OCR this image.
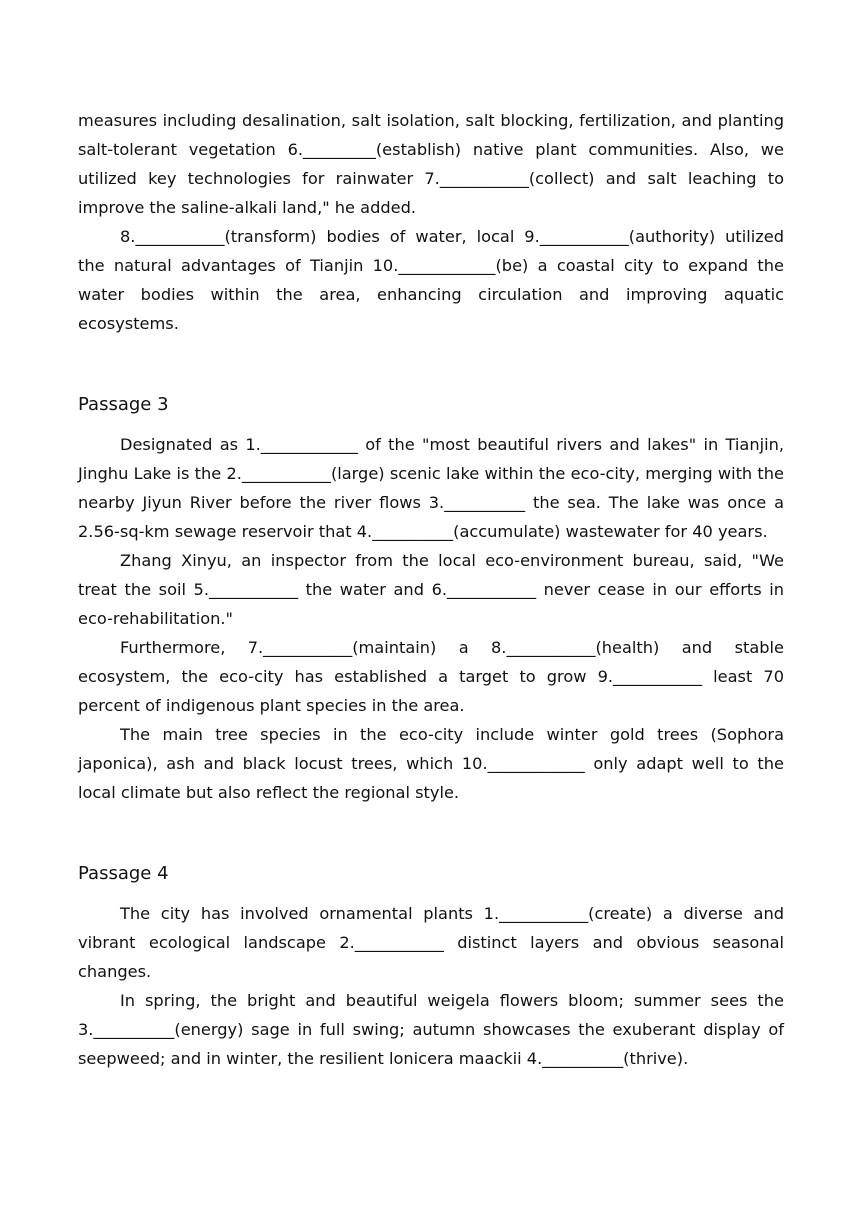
measures including desalination, salt isolation, salt blocking, fertilization, and planting salt-tolerant vegetation 6._________(establish) native plant communities. Also, we utilized key technologies for rainwater 7.___________(collect) and salt leaching to improve the saline-alkali land," he added.

8.___________(transform) bodies of water, local 9.___________(authority) utilized the natural advantages of Tianjin 10.____________(be) a coastal city to expand the water bodies within the area, enhancing circulation and improving aquatic ecosystems.

Passage 3

Designated as 1.____________ of the "most beautiful rivers and lakes" in Tianjin, Jinghu Lake is the 2.___________(large) scenic lake within the eco-city, merging with the nearby Jiyun River before the river flows 3.__________ the sea. The lake was once a 2.56-sq-km sewage reservoir that 4.__________(accumulate) wastewater for 40 years.

Zhang Xinyu, an inspector from the local eco-environment bureau, said, "We treat the soil 5.___________ the water and 6.___________ never cease in our efforts in eco-rehabilitation."

Furthermore, 7.___________(maintain) a 8.___________(health) and stable ecosystem, the eco-city has established a target to grow 9.___________ least 70 percent of indigenous plant species in the area.

The main tree species in the eco-city include winter gold trees (Sophora japonica), ash and black locust trees, which 10.____________ only adapt well to the local climate but also reflect the regional style.

Passage 4

The city has involved ornamental plants 1.___________(create) a diverse and vibrant ecological landscape 2.___________ distinct layers and obvious seasonal changes.

In spring, the bright and beautiful weigela flowers bloom; summer sees the 3.__________(energy) sage in full swing; autumn showcases the exuberant display of seepweed; and in winter, the resilient lonicera maackii 4.__________(thrive).
